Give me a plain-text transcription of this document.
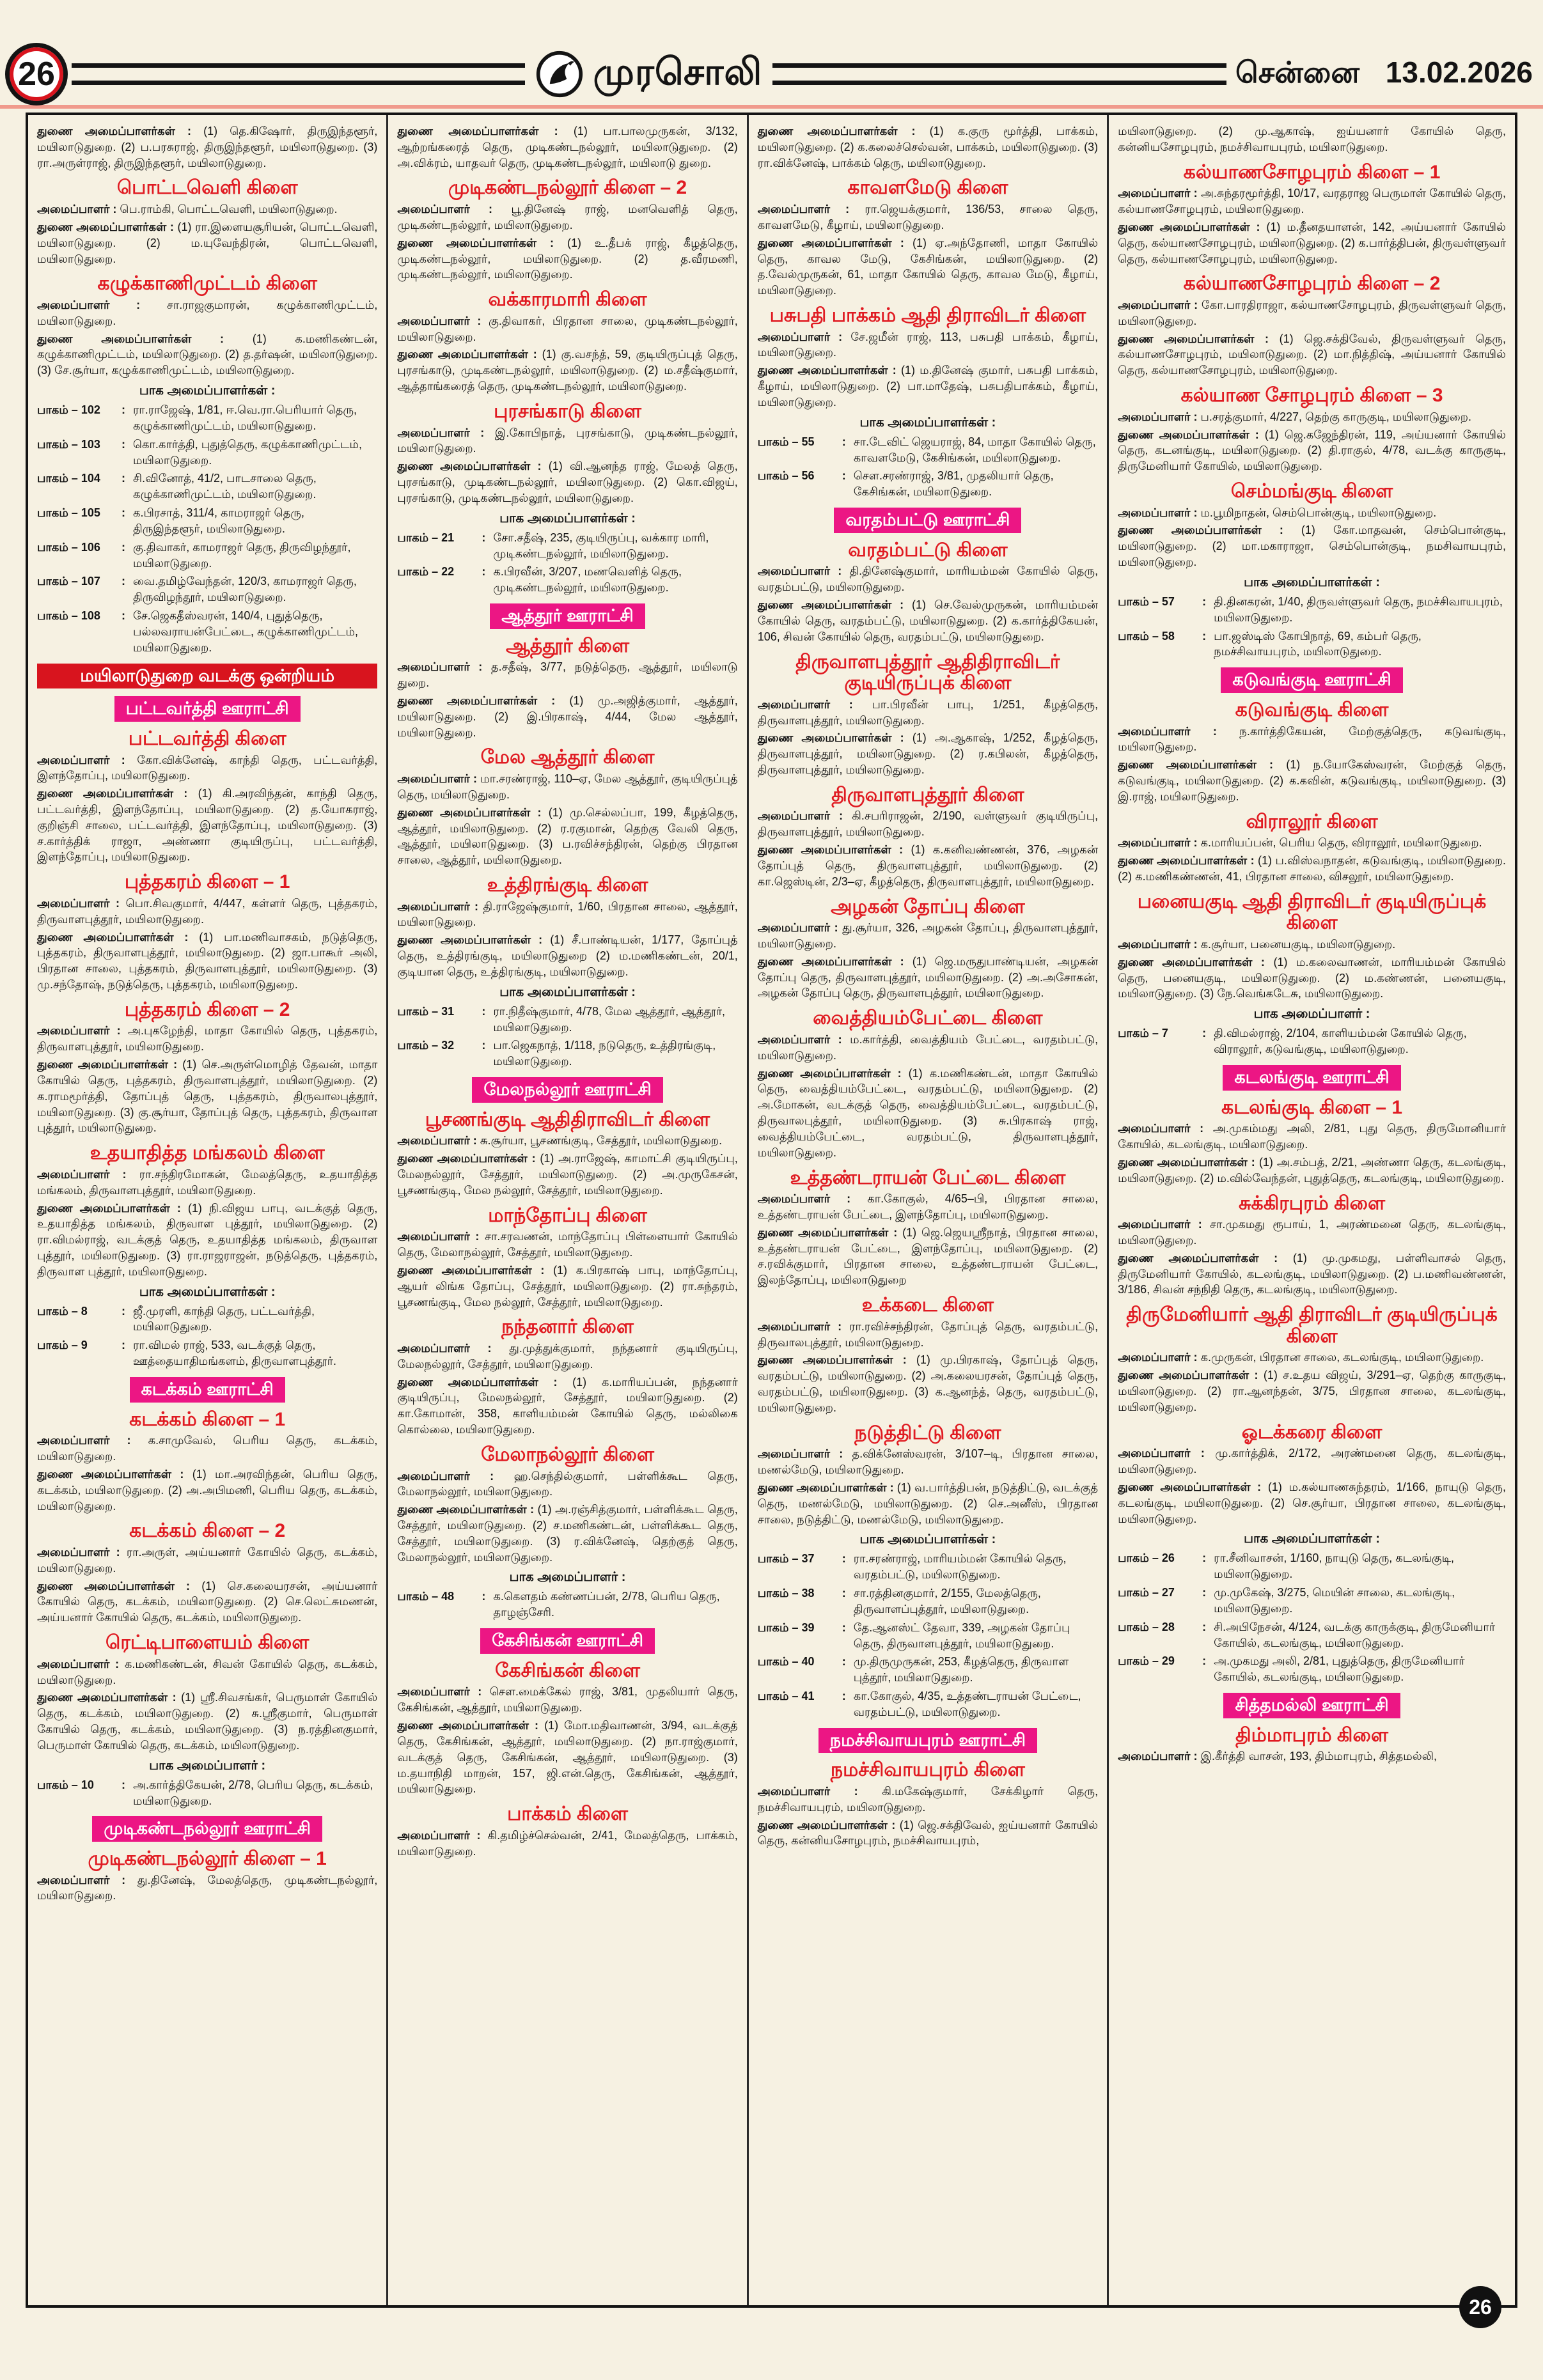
26	முரசொலி	சென்னை 13.02.2026

துணை அமைப்பாளர்கள் : (1) தெ.கிஷோர், திருஇந்தளூர், மயிலாடுதுறை. (2) ப.பரசுராஜ், திருஇந்தளூர், மயிலாடுதுறை. (3) ரா.அருள்ராஜ், திருஇந்தளூர், மயிலாடுதுறை.

பொட்டவெளி கிளை

அமைப்பாளர் : பெ.ராம்கி, பொட்டவெளி, மயிலாடுதுறை.

துணை அமைப்பாளர்கள் : (1) ரா.இளையசூரியன், பொட்டவெளி, மயிலாடுதுறை. (2) ம.யுவேந்திரன், பொட்டவெளி, மயிலாடுதுறை.

கழுக்காணிமுட்டம் கிளை

அமைப்பாளர் : சா.ராஜகுமாரன், கழுக்காணிமுட்டம், மயிலாடுதுறை.

துணை அமைப்பாளர்கள் : (1) க.மணிகண்டன், கழுக்காணிமுட்டம், மயிலாடுதுறை. (2) த.தர்ஷன், மயிலாடுதுறை. (3) சே.சூர்யா, கழுக்காணிமுட்டம், மயிலாடுதுறை.

பாக அமைப்பாளர்கள் :
பாகம் – 102	: ரா.ராஜேஷ், 1/81, ஈ.வெ.ரா.பெரியார் தெரு, கழுக்காணிமுட்டம், மயிலாடுதுறை.
பாகம் – 103	: கொ.கார்த்தி, புதுத்தெரு, கழுக்காணிமுட்டம், மயிலாடுதுறை.
பாகம் – 104	: சி.வினோத், 41/2, பாடசாலை தெரு, கழுக்காணிமுட்டம், மயிலாடுதுறை.
பாகம் – 105	: க.பிரசாத், 311/4, காமராஜர் தெரு, திருஇந்தளூர், மயிலாடுதுறை.
பாகம் – 106	: கு.திவாகர், காமராஜர் தெரு, திருவிழந்தூர், மயிலாடுதுறை.
பாகம் – 107	: வை.தமிழ்வேந்தன், 120/3, காமராஜர் தெரு, திருவிழந்தூர், மயிலாடுதுறை.
பாகம் – 108	: சே.ஜெகதீஸ்வரன், 140/4, புதுத்தெரு, பல்லவராயன்பேட்டை, கழுக்காணிமுட்டம், மயிலாடுதுறை.
மயிலாடுதுறை வடக்கு ஒன்றியம்
பட்டவர்த்தி ஊராட்சி
பட்டவர்த்தி கிளை

அமைப்பாளர் : கோ.விக்னேஷ், காந்தி தெரு, பட்டவர்த்தி, இளந்தோப்பு, மயிலாடுதுறை.

துணை அமைப்பாளர்கள் : (1) கி.அரவிந்தன், காந்தி தெரு, பட்டவர்த்தி, இளந்தோப்பு, மயிலாடுதுறை. (2) த.யோகராஜ், குறிஞ்சி சாலை, பட்டவர்த்தி, இளந்தோப்பு, மயிலாடுதுறை. (3) ச.கார்த்திக் ராஜா, அண்ணா குடியிருப்பு, பட்டவர்த்தி, இளந்தோப்பு, மயிலாடுதுறை.

புத்தகரம் கிளை – 1

அமைப்பாளர் : பொ.சிவகுமார், 4/447, கள்ளர் தெரு, புத்தகரம், திருவாளபுத்தூர், மயிலாடுதுறை.

துணை அமைப்பாளர்கள் : (1) பா.மணிவாசகம், நடுத்தெரு, புத்தகரம், திருவாளபுத்தூர், மயிலாடுதுறை. (2) ஜா.பாகூர் அலி, பிரதான சாலை, புத்தகரம், திருவாளபுத்தூர், மயிலாடுதுறை. (3) மு.சந்தோஷ், நடுத்தெரு, புத்தகரம், மயிலாடுதுறை.

புத்தகரம் கிளை – 2

அமைப்பாளர் : அ.புகழேந்தி, மாதா கோயில் தெரு, புத்தகரம், திருவாளபுத்தூர், மயிலாடுதுறை.

துணை அமைப்பாளர்கள் : (1) செ.அருள்மொழித் தேவன், மாதா கோயில் தெரு, புத்தகரம், திருவாளபுத்தூர், மயிலாடுதுறை. (2) க.ராமமூர்த்தி, தோப்புத் தெரு, புத்தகரம், திருவாலபுத்தூர், மயிலாடுதுறை. (3) கு.சூர்யா, தோப்புத் தெரு, புத்தகரம், திருவாள புத்தூர், மயிலாடுதுறை.

உதயாதித்த மங்கலம் கிளை

அமைப்பாளர் : ரா.சந்திரமோகன், மேலத்தெரு, உதயாதித்த மங்கலம், திருவாளபுத்தூர், மயிலாடுதுறை.

துணை அமைப்பாளர்கள் : (1) நி.விஜய பாபு, வடக்குத் தெரு, உதயாதித்த மங்கலம், திருவாள புத்தூர், மயிலாடுதுறை. (2) ரா.விமல்ராஜ், வடக்குத் தெரு, உதயாதித்த மங்கலம், திருவாள புத்தூர், மயிலாடுதுறை. (3) ரா.ராஜராஜன், நடுத்தெரு, புத்தகரம், திருவாள புத்தூர், மயிலாடுதுறை.

பாக அமைப்பாளர்கள் :
பாகம் – 8	: ஜீ.முரளி, காந்தி தெரு, பட்டவர்த்தி, மயிலாடுதுறை.
பாகம் – 9	: ரா.விமல் ராஜ், 533, வடக்குத் தெரு, ஊத்தையாதிமங்களம், திருவாளபுத்தூர்.
கடக்கம் ஊராட்சி
கடக்கம் கிளை – 1

அமைப்பாளர் : க.சாமுவேல், பெரிய தெரு, கடக்கம், மயிலாடுதுறை.

துணை அமைப்பாளர்கள் : (1) மா.அரவிந்தன், பெரிய தெரு, கடக்கம், மயிலாடுதுறை. (2) அ.அபிமணி, பெரிய தெரு, கடக்கம், மயிலாடுதுறை.

கடக்கம் கிளை – 2

அமைப்பாளர் : ரா.அருள், அய்யனார் கோயில் தெரு, கடக்கம், மயிலாடுதுறை.

துணை அமைப்பாளர்கள் : (1) செ.கலையரசன், அய்யனார் கோயில் தெரு, கடக்கம், மயிலாடுதுறை. (2) செ.லெட்சுமணன், அய்யனார் கோயில் தெரு, கடக்கம், மயிலாடுதுறை.

ரெட்டிபாளையம் கிளை

அமைப்பாளர் : க.மணிகண்டன், சிவன் கோயில் தெரு, கடக்கம், மயிலாடுதுறை.

துணை அமைப்பாளர்கள் : (1) ஸ்ரீ.சிவசங்கர், பெருமாள் கோயில் தெரு, கடக்கம், மயிலாடுதுறை. (2) சு.ஸ்ரீகுமார், பெருமாள் கோயில் தெரு, கடக்கம், மயிலாடுதுறை. (3) ந.ரத்தினகுமார், பெருமாள் கோயில் தெரு, கடக்கம், மயிலாடுதுறை.

பாக அமைப்பாளர் :
பாகம் – 10	: அ.கார்த்திகேயன், 2/78, பெரிய தெரு, கடக்கம், மயிலாடுதுறை.
முடிகண்டநல்லூர் ஊராட்சி
முடிகண்டநல்லூர் கிளை – 1

அமைப்பாளர் : து.தினேஷ், மேலத்தெரு, முடிகண்டநல்லூர், மயிலாடுதுறை.

துணை அமைப்பாளர்கள் : (1) பா.பாலமுருகன், 3/132, ஆற்றங்கரைத் தெரு, முடிகண்டநல்லூர், மயிலாடுதுறை. (2) அ.விக்ரம், யாதவர் தெரு, முடிகண்டநல்லூர், மயிலாடு துறை.

முடிகண்டநல்லூர் கிளை – 2

அமைப்பாளர் : பூ.தினேஷ் ராஜ், மனவெளித் தெரு, முடிகண்டநல்லூர், மயிலாடுதுறை.

துணை அமைப்பாளர்கள் : (1) உ.தீபக் ராஜ், கீழத்தெரு, முடிகண்டநல்லூர், மயிலாடுதுறை. (2) த.வீரமணி, முடிகண்டநல்லூர், மயிலாடுதுறை.

வக்காரமாரி கிளை

அமைப்பாளர் : கு.திவாகர், பிரதான சாலை, முடிகண்டநல்லூர், மயிலாடுதுறை.

துணை அமைப்பாளர்கள் : (1) கு.வசந்த், 59, குடியிருப்புத் தெரு, புரசங்காடு, முடிகண்டநல்லூர், மயிலாடுதுறை. (2) ம.சதீஷ்குமார், ஆத்தாங்கரைத் தெரு, முடிகண்டநல்லூர், மயிலாடுதுறை.

புரசங்காடு கிளை

அமைப்பாளர் : இ.கோபிநாத், புரசங்காடு, முடிகண்டநல்லூர், மயிலாடுதுறை.

துணை அமைப்பாளர்கள் : (1) வி.ஆனந்த ராஜ், மேலத் தெரு, புரசங்காடு, முடிகண்டநல்லூர், மயிலாடுதுறை. (2) கொ.விஜய், புரசங்காடு, முடிகண்டநல்லூர், மயிலாடுதுறை.

பாக அமைப்பாளர்கள் :
பாகம் – 21	: சோ.சதீஷ், 235, குடியிருப்பு, வக்கார மாரி, முடிகண்டநல்லூர், மயிலாடுதுறை.
பாகம் – 22	: க.பிரவீன், 3/207, மணவெளித் தெரு, முடிகண்டநல்லூர், மயிலாடுதுறை.
ஆத்தூர் ஊராட்சி
ஆத்தூர் கிளை

அமைப்பாளர் : த.சதீஷ், 3/77, நடுத்தெரு, ஆத்தூர், மயிலாடு துறை.

துணை அமைப்பாளர்கள் : (1) மு.அஜித்குமார், ஆத்தூர், மயிலாடுதுறை. (2) இ.பிரகாஷ், 4/44, மேல ஆத்தூர், மயிலாடுதுறை.

மேல ஆத்தூர் கிளை

அமைப்பாளர் : மா.சரண்ராஜ், 110–ஏ, மேல ஆத்தூர், குடியிருப்புத் தெரு, மயிலாடுதுறை.

துணை அமைப்பாளர்கள் : (1) மு.செல்லப்பா, 199, கீழத்தெரு, ஆத்தூர், மயிலாடுதுறை. (2) ர.ரகுமான், தெற்கு வேலி தெரு, ஆத்தூர், மயிலாடுதுறை. (3) ப.ரவிச்சந்திரன், தெற்கு பிரதான சாலை, ஆத்தூர், மயிலாடுதுறை.

உத்திரங்குடி கிளை

அமைப்பாளர் : தி.ராஜேஷ்குமார், 1/60, பிரதான சாலை, ஆத்தூர், மயிலாடுதுறை.

துணை அமைப்பாளர்கள் : (1) சீ.பாண்டியன், 1/177, தோப்புத் தெரு, உத்திரங்குடி, மயிலாடுதுறை (2) ம.மணிகண்டன், 20/1, குடியான தெரு, உத்திரங்குடி, மயிலாடுதுறை.

பாக அமைப்பாளர்கள் :
பாகம் – 31	: ரா.நிதீஷ்குமார், 4/78, மேல ஆத்தூர், ஆத்தூர், மயிலாடுதுறை.
பாகம் – 32	: பா.ஜெகநாத், 1/118, நடுதெரு, உத்திரங்குடி, மயிலாடுதுறை.
மேலநல்லூர் ஊராட்சி
பூசணங்குடி ஆதிதிராவிடர் கிளை

அமைப்பாளர் : சு.சூர்யா, பூசணங்குடி, சேத்தூர், மயிலாடுதுறை.

துணை அமைப்பாளர்கள் : (1) அ.ராஜேஷ், காமாட்சி குடியிருப்பு, மேலநல்லூர், சேத்தூர், மயிலாடுதுறை. (2) அ.முருகேசன், பூசணங்குடி, மேல நல்லூர், சேத்தூர், மயிலாடுதுறை.

மாந்தோப்பு கிளை

அமைப்பாளர் : சா.சரவணன், மாந்தோப்பு பிள்ளையார் கோயில் தெரு, மேலாநல்லூர், சேத்தூர், மயிலாடுதுறை.

துணை அமைப்பாளர்கள் : (1) க.பிரகாஷ் பாபு, மாந்தோப்பு, ஆயர் லிங்க தோப்பு, சேத்தூர், மயிலாடுதுறை. (2) ரா.சுந்தரம், பூசணங்குடி, மேல நல்லூர், சேத்தூர், மயிலாடுதுறை.

நந்தனார் கிளை

அமைப்பாளர் : து.முத்துக்குமார், நந்தனார் குடியிருப்பு, மேலநல்லூர், சேத்தூர், மயிலாடுதுறை.

துணை அமைப்பாளர்கள் : (1) க.மாரியப்பன், நந்தனார் குடியிருப்பு, மேலநல்லூர், சேத்தூர், மயிலாடுதுறை. (2) கா.கோமான், 358, காளியம்மன் கோயில் தெரு, மல்லிகை கொல்லை, மயிலாடுதுறை.

மேலாநல்லூர் கிளை

அமைப்பாளர் : ஹ.செந்தில்குமார், பள்ளிக்கூட தெரு, மேலாநல்லூர், மயிலாடுதுறை.

துணை அமைப்பாளர்கள் : (1) அ.ரஞ்சித்குமார், பள்ளிக்கூட தெரு, சேத்தூர், மயிலாடுதுறை. (2) ச.மணிகண்டன், பள்ளிக்கூட தெரு, சேத்தூர், மயிலாடுதுறை. (3) ர.விக்னேஷ், தெற்குத் தெரு, மேலாநல்லூர், மயிலாடுதுறை.

பாக அமைப்பாளர் :
பாகம் – 48	: க.கௌதம் கண்ணப்பன், 2/78, பெரிய தெரு, தாழஞ்சேரி.
கேசிங்கன் ஊராட்சி
கேசிங்கன் கிளை

அமைப்பாளர் : செள.மைக்கேல் ராஜ், 3/81, முதலியார் தெரு, கேசிங்கன், ஆத்தூர், மயிலாடுதுறை.

துணை அமைப்பாளர்கள் : (1) மோ.மதிவாணன், 3/94, வடக்குத் தெரு, கேசிங்கன், ஆத்தூர், மயிலாடுதுறை. (2) நா.ராஜ்குமார், வடக்குத் தெரு, கேசிங்கன், ஆத்தூர், மயிலாடுதுறை. (3) ம.தயாநிதி மாறன், 157, ஜி.என்.தெரு, கேசிங்கன், ஆத்தூர், மயிலாடுதுறை.

பாக்கம் கிளை

அமைப்பாளர் : கி.தமிழ்ச்செல்வன், 2/41, மேலத்தெரு, பாக்கம், மயிலாடுதுறை.

துணை அமைப்பாளர்கள் : (1) க.குரு மூர்த்தி, பாக்கம், மயிலாடுதுறை. (2) க.கலைச்செல்வன், பாக்கம், மயிலாடுதுறை. (3) ரா.விக்னேஷ், பாக்கம் தெரு, மயிலாடுதுறை.

காவளமேடு கிளை

அமைப்பாளர் : ரா.ஜெயக்குமார், 136/53, சாலை தெரு, காவளமேடு, கீழாய், மயிலாடுதுறை.

துணை அமைப்பாளர்கள் : (1) ஏ.அந்தோணி, மாதா கோயில் தெரு, காவல மேடு, கேசிங்கன், மயிலாடுதுறை. (2) த.வேல்முருகன், 61, மாதா கோயில் தெரு, காவல மேடு, கீழாய், மயிலாடுதுறை.

பசுபதி பாக்கம் ஆதி திராவிடர் கிளை

அமைப்பாளர் : சே.ஜமீன் ராஜ், 113, பசுபதி பாக்கம், கீழாய், மயிலாடுதுறை.

துணை அமைப்பாளர்கள் : (1) ம.தினேஷ் குமார், பசுபதி பாக்கம், கீழாய், மயிலாடுதுறை. (2) பா.மாதேஷ், பசுபதிபாக்கம், கீழாய், மயிலாடுதுறை.

பாக அமைப்பாளர்கள் :
பாகம் – 55	: சா.டேவிட் ஜெயராஜ், 84, மாதா கோயில் தெரு, காவளமேடு, கேசிங்கன், மயிலாடுதுறை.
பாகம் – 56	: செள.சரண்ராஜ், 3/81, முதலியார் தெரு, கேசிங்கன், மயிலாடுதுறை.
வரதம்பட்டு ஊராட்சி
வரதம்பட்டு கிளை

அமைப்பாளர் : தி.தினேஷ்குமார், மாரியம்மன் கோயில் தெரு, வரதம்பட்டு, மயிலாடுதுறை.

துணை அமைப்பாளர்கள் : (1) செ.வேல்முருகன், மாரியம்மன் கோயில் தெரு, வரதம்பட்டு, மயிலாடுதுறை. (2) க.கார்த்திகேயன், 106, சிவன் கோயில் தெரு, வரதம்பட்டு, மயிலாடுதுறை.

திருவாளபுத்தூர் ஆதிதிராவிடர் குடியிருப்புக் கிளை

அமைப்பாளர் : பா.பிரவீன் பாபு, 1/251, கீழத்தெரு, திருவாளபுத்தூர், மயிலாடுதுறை.

துணை அமைப்பாளர்கள் : (1) அ.ஆகாஷ், 1/252, கீழத்தெரு, திருவாளபுத்தூர், மயிலாடுதுறை. (2) ர.கபிலன், கீழத்தெரு, திருவாளபுத்தூர், மயிலாடுதுறை.

திருவாளபுத்தூர் கிளை

அமைப்பாளர் : கி.சபரிராஜன், 2/190, வள்ளுவர் குடியிருப்பு, திருவாளபுத்தூர், மயிலாடுதுறை.

துணை அமைப்பாளர்கள் : (1) க.கனிவண்ணன், 376, அழகன் தோப்புத் தெரு, திருவாளபுத்தூர், மயிலாடுதுறை. (2) கா.ஜெஸ்டின், 2/3–ஏ, கீழத்தெரு, திருவாளபுத்தூர், மயிலாடுதுறை.

அழகன் தோப்பு கிளை

அமைப்பாளர் : து.சூர்யா, 326, அழகன் தோப்பு, திருவாளபுத்தூர், மயிலாடுதுறை.

துணை அமைப்பாளர்கள் : (1) ஜெ.மருதுபாண்டியன், அழகன் தோப்பு தெரு, திருவாளபுத்தூர், மயிலாடுதுறை. (2) அ.அசோகன், அழகன் தோப்பு தெரு, திருவாளபுத்தூர், மயிலாடுதுறை.

வைத்தியம்பேட்டை கிளை

அமைப்பாளர் : ம.கார்த்தி, வைத்தியம் பேட்டை, வரதம்பட்டு, மயிலாடுதுறை.

துணை அமைப்பாளர்கள் : (1) க.மணிகண்டன், மாதா கோயில் தெரு, வைத்தியம்பேட்டை, வரதம்பட்டு, மயிலாடுதுறை. (2) அ.மோகன், வடக்குத் தெரு, வைத்தியம்பேட்டை, வரதம்பட்டு, திருவாலபுத்தூர், மயிலாடுதுறை. (3) சு.பிரகாஷ் ராஜ், வைத்தியம்பேட்டை, வரதம்பட்டு, திருவாளபுத்தூர், மயிலாடுதுறை.

உத்தண்டராயன் பேட்டை கிளை

அமைப்பாளர் : கா.கோகுல், 4/65–பி, பிரதான சாலை, உத்தண்டராயன் பேட்டை, இளந்தோப்பு, மயிலாடுதுறை.

துணை அமைப்பாளர்கள் : (1) ஜெ.ஜெயஸ்ரீநாத், பிரதான சாலை, உத்தண்டராயன் பேட்டை, இளந்தோப்பு, மயிலாடுதுறை. (2) ச.ரவிக்குமார், பிரதான சாலை, உத்தண்டராயன் பேட்டை, இலந்தோப்பு, மயிலாடுதுறை

உக்கடை கிளை

அமைப்பாளர் : ரா.ரவிச்சந்திரன், தோப்புத் தெரு, வரதம்பட்டு, திருவாலபுத்தூர், மயிலாடுதுறை.

துணை அமைப்பாளர்கள் : (1) மு.பிரகாஷ், தோப்புத் தெரு, வரதம்பட்டு, மயிலாடுதுறை. (2) அ.கலையரசன், தோப்புத் தெரு, வரதம்பட்டு, மயிலாடுதுறை. (3) க.ஆனந்த், தெரு, வரதம்பட்டு, மயிலாடுதுறை.

நடுத்திட்டு கிளை

அமைப்பாளர் : த.விக்னேஸ்வரன், 3/107–டி, பிரதான சாலை, மணல்மேடு, மயிலாடுதுறை.

துணை அமைப்பாளர்கள் : (1) வ.பார்த்திபன், நடுத்திட்டு, வடக்குத் தெரு, மணல்மேடு, மயிலாடுதுறை. (2) செ.அனீஸ், பிரதான சாலை, நடுத்திட்டு, மணல்மேடு, மயிலாடுதுறை.

பாக அமைப்பாளர்கள் :
பாகம் – 37	: ரா.சரண்ராஜ், மாரியம்மன் கோயில் தெரு, வரதம்பட்டு, மயிலாடுதுறை.
பாகம் – 38	: சா.ரத்தினகுமார், 2/155, மேலத்தெரு, திருவாளப்புத்தூர், மயிலாடுதுறை.
பாகம் – 39	: தே.ஆனஸ்ட் தேவா, 339, அழகன் தோப்பு தெரு, திருவாளபுத்தூர், மயிலாடுதுறை.
பாகம் – 40	: மு.திருமுருகன், 253, கீழத்தெரு, திருவாள புத்தூர், மயிலாடுதுறை.
பாகம் – 41	: கா.கோகுல், 4/35, உத்தண்டராயன் பேட்டை, வரதம்பட்டு, மயிலாடுதுறை.
நமச்சிவாயபுரம் ஊராட்சி
நமச்சிவாயபுரம் கிளை

அமைப்பாளர் : கி.மகேஷ்குமார், சேக்கிழார் தெரு, நமச்சிவாயபுரம், மயிலாடுதுறை.

துணை அமைப்பாளர்கள் : (1) ஜெ.சக்திவேல், ஐய்யனார் கோயில் தெரு, கன்னியசோழபுரம், நமச்சிவாயபுரம்,

மயிலாடுதுறை. (2) மு.ஆகாஷ், ஐய்யனார் கோயில் தெரு, கன்னியசோழபுரம், நமச்சிவாயபுரம், மயிலாடுதுறை.

கல்யாணசோழபுரம் கிளை – 1

அமைப்பாளர் : அ.சுந்தரமூர்த்தி, 10/17, வரதராஜ பெருமாள் கோயில் தெரு, கல்யாணசோழபுரம், மயிலாடுதுறை.

துணை அமைப்பாளர்கள் : (1) ம.தீனதயாளன், 142, அய்யனார் கோயில் தெரு, கல்யாணசோழபுரம், மயிலாடுதுறை. (2) க.பார்த்திபன், திருவள்ளுவர் தெரு, கல்யாணசோழபுரம், மயிலாடுதுறை.

கல்யாணசோழபுரம் கிளை – 2

அமைப்பாளர் : கோ.பாரதிராஜா, கல்யாணசோழபுரம், திருவள்ளுவர் தெரு, மயிலாடுதுறை.

துணை அமைப்பாளர்கள் : (1) ஜெ.சக்திவேல், திருவள்ளுவர் தெரு, கல்யாணசோழபுரம், மயிலாடுதுறை. (2) மா.நித்திஷ், அய்யனார் கோயில் தெரு, கல்யாணசோழபுரம், மயிலாடுதுறை.

கல்யாண சோழபுரம் கிளை – 3

அமைப்பாளர் : ப.சரத்குமார், 4/227, தெற்கு காருகுடி, மயிலாடுதுறை.

துணை அமைப்பாளர்கள் : (1) ஜெ.கஜேந்திரன், 119, அய்யனார் கோயில் தெரு, கடனங்குடி, மயிலாடுதுறை. (2) தி.ராகுல், 4/78, வடக்கு காருகுடி, திருமேனியார் கோயில், மயிலாடுதுறை.

செம்மங்குடி கிளை

அமைப்பாளர் : ம.பூமிநாதன், செம்பொன்குடி, மயிலாடுதுறை.

துணை அமைப்பாளர்கள் : (1) கோ.மாதவன், செம்பொன்குடி, மயிலாடுதுறை. (2) மா.மகாராஜா, செம்பொன்குடி, நமசிவாயபுரம், மயிலாடுதுறை.

பாக அமைப்பாளர்கள் :
பாகம் – 57	: தி.தினகரன், 1/40, திருவள்ளுவர் தெரு, நமச்சிவாயபுரம், மயிலாடுதுறை.
பாகம் – 58	: பா.ஜஸ்டிஸ் கோபிநாத், 69, கம்பர் தெரு, நமச்சிவாயபுரம், மயிலாடுதுறை.
கடுவங்குடி ஊராட்சி
கடுவங்குடி கிளை

அமைப்பாளர் : ந.கார்த்திகேயன், மேற்குத்தெரு, கடுவங்குடி, மயிலாடுதுறை.

துணை அமைப்பாளர்கள் : (1) ந.யோகேஸ்வரன், மேற்குத் தெரு, கடுவங்குடி, மயிலாடுதுறை. (2) க.கவின், கடுவங்குடி, மயிலாடுதுறை. (3) இ.ராஜ், மயிலாடுதுறை.

விராலூர் கிளை

அமைப்பாளர் : க.மாரியப்பன், பெரிய தெரு, விராலூர், மயிலாடுதுறை.

துணை அமைப்பாளர்கள் : (1) ப.விஸ்வநாதன், கடுவங்குடி, மயிலாடுதுறை. (2) க.மணிகண்ணன், 41, பிரதான சாலை, விசலூர், மயிலாடுதுறை.

பனையகுடி ஆதி திராவிடர் குடியிருப்புக் கிளை

அமைப்பாளர் : க.சூர்யா, பனையகுடி, மயிலாடுதுறை.

துணை அமைப்பாளர்கள் : (1) ம.கலைவாணன், மாரியம்மன் கோயில் தெரு, பனையகுடி, மயிலாடுதுறை. (2) ம.கண்ணன், பனையகுடி, மயிலாடுதுறை. (3) நே.வெங்கடேசு, மயிலாடுதுறை.

பாக அமைப்பாளர் :
பாகம் – 7	: தி.விமல்ராஜ், 2/104, காளியம்மன் கோயில் தெரு, விராலூர், கடுவங்குடி, மயிலாடுதுறை.
கடலங்குடி ஊராட்சி
கடலங்குடி கிளை – 1

அமைப்பாளர் : அ.முகம்மது அலி, 2/81, புது தெரு, திருமோனியார் கோயில், கடலங்குடி, மயிலாடுதுறை.

துணை அமைப்பாளர்கள் : (1) அ.சம்பத், 2/21, அண்ணா தெரு, கடலங்குடி, மயிலாடுதுறை. (2) ம.வில்வேந்தன், புதுத்தெரு, கடலங்குடி, மயிலாடுதுறை.

சுக்கிரபுரம் கிளை

அமைப்பாளர் : சா.முகமது ரூபாய், 1, அரண்மனை தெரு, கடலங்குடி, மயிலாடுதுறை.

துணை அமைப்பாளர்கள் : (1) மு.முகமது, பள்ளிவாசல் தெரு, திருமேனியார் கோயில், கடலங்குடி, மயிலாடுதுறை. (2) ப.மணிவண்ணன், 3/186, சிவன் சந்நிதி தெரு, கடலங்குடி, மயிலாடுதுறை.

திருமேனியார் ஆதி திராவிடர் குடியிருப்புக் கிளை

அமைப்பாளர் : க.முருகன், பிரதான சாலை, கடலங்குடி, மயிலாடுதுறை.

துணை அமைப்பாளர்கள் : (1) ச.உதய விஜய், 3/291–ஏ, தெற்கு காருகுடி, மயிலாடுதுறை. (2) ரா.ஆனந்தன், 3/75, பிரதான சாலை, கடலங்குடி, மயிலாடுதுறை.

ஓடக்கரை கிளை

அமைப்பாளர் : மு.கார்த்திக், 2/172, அரண்மனை தெரு, கடலங்குடி, மயிலாடுதுறை.

துணை அமைப்பாளர்கள் : (1) ம.கல்யாணசுந்தரம், 1/166, நாயுடு தெரு, கடலங்குடி, மயிலாடுதுறை. (2) செ.சூர்யா, பிரதான சாலை, கடலங்குடி, மயிலாடுதுறை.

பாக அமைப்பாளர்கள் :
பாகம் – 26	: ரா.சீனிவாசன், 1/160, நாயுடு தெரு, கடலங்குடி, மயிலாடுதுறை.
பாகம் – 27	: மு.முகேஷ், 3/275, மெயின் சாலை, கடலங்குடி, மயிலாடுதுறை.
பாகம் – 28	: சி.அபிநேசன், 4/124, வடக்கு காருக்குடி, திருமேனியார் கோயில், கடலங்குடி, மயிலாடுதுறை.
பாகம் – 29	: அ.முகமது அலி, 2/81, புதுத்தெரு, திருமேனியார் கோயில், கடலங்குடி, மயிலாடுதுறை.
சித்தமல்லி ஊராட்சி
திம்மாபுரம் கிளை

அமைப்பாளர் : இ.கீர்த்தி வாசன், 193, திம்மாபுரம், சித்தமல்லி,

26
